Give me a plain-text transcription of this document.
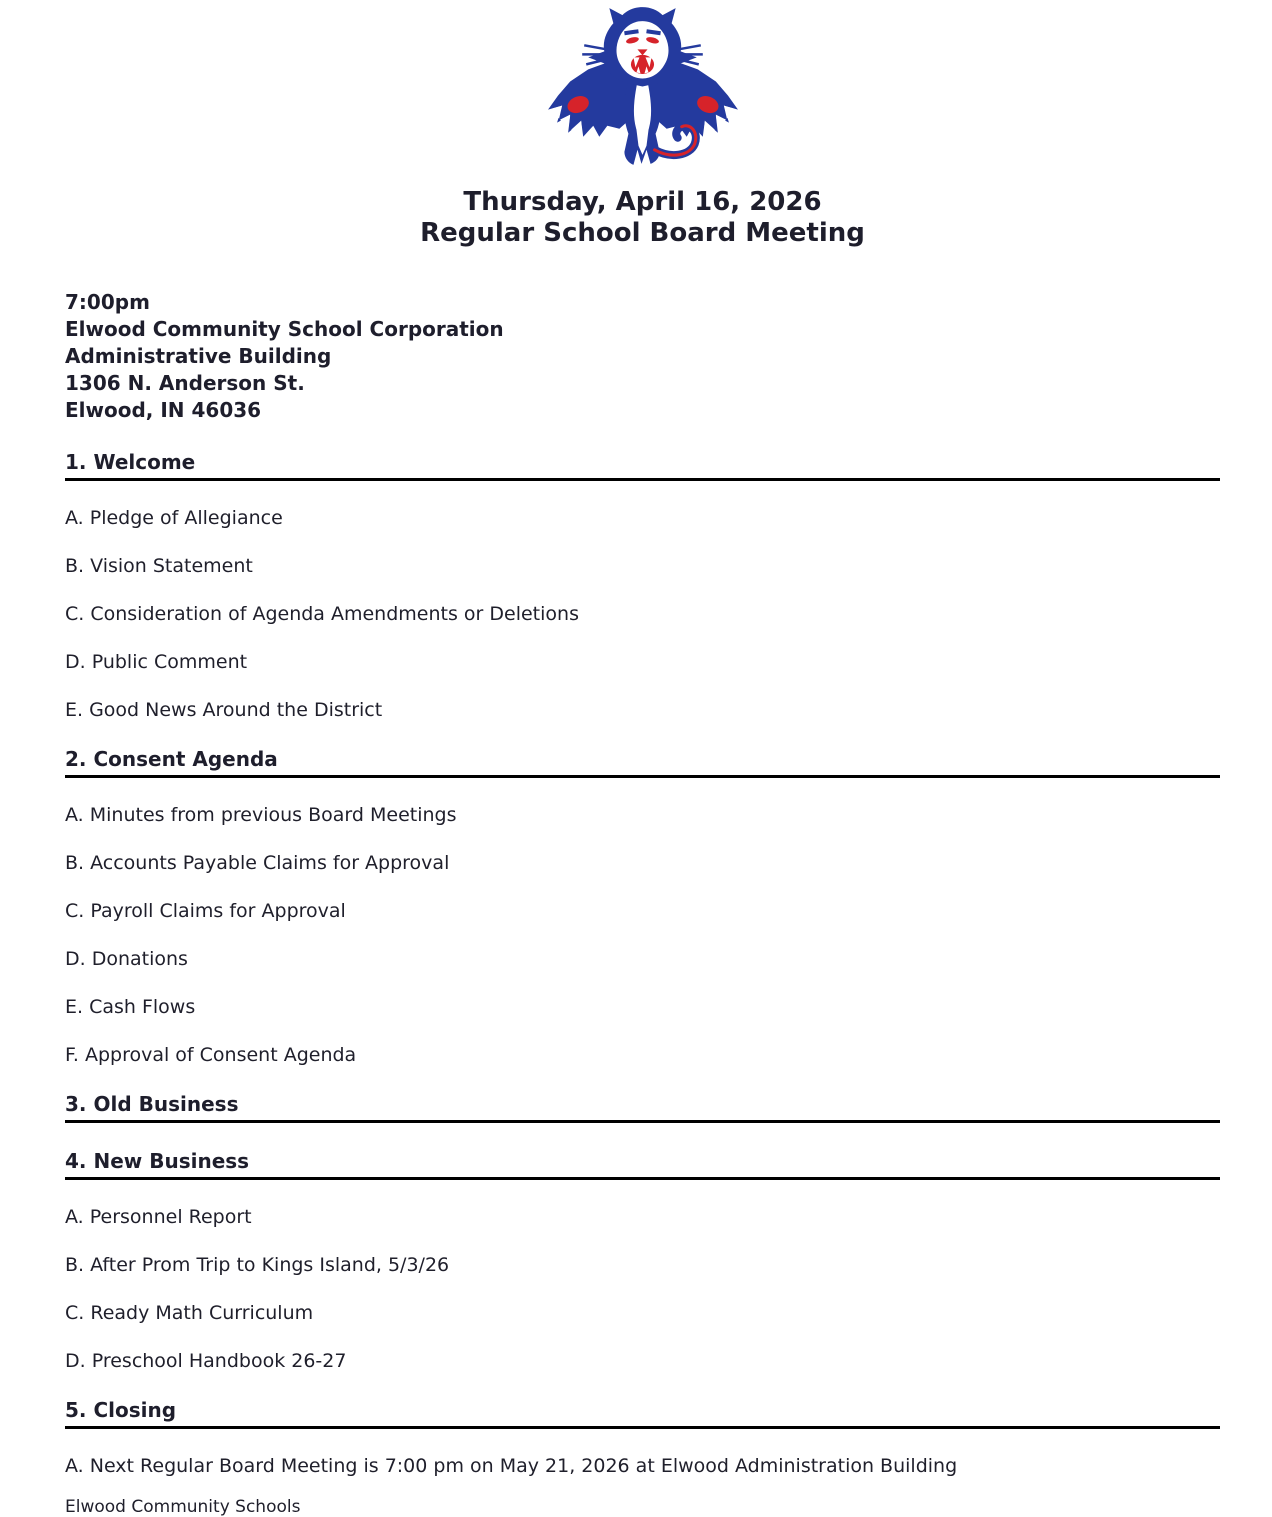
Thursday, April 16, 2026
Regular School Board Meeting
7:00pm
Elwood Community School Corporation
Administrative Building
1306 N. Anderson St.
Elwood, IN 46036
1. Welcome

A. Pledge of Allegiance

B. Vision Statement

C. Consideration of Agenda Amendments or Deletions

D. Public Comment

E. Good News Around the District

2. Consent Agenda

A. Minutes from previous Board Meetings

B. Accounts Payable Claims for Approval

C. Payroll Claims for Approval

D. Donations

E. Cash Flows

F. Approval of Consent Agenda

3. Old Business
4. New Business

A. Personnel Report

B. After Prom Trip to Kings Island, 5/3/26

C. Ready Math Curriculum

D. Preschool Handbook 26-27

5. Closing

A. Next Regular Board Meeting is 7:00 pm on May 21, 2026 at Elwood Administration Building

Elwood Community Schools
